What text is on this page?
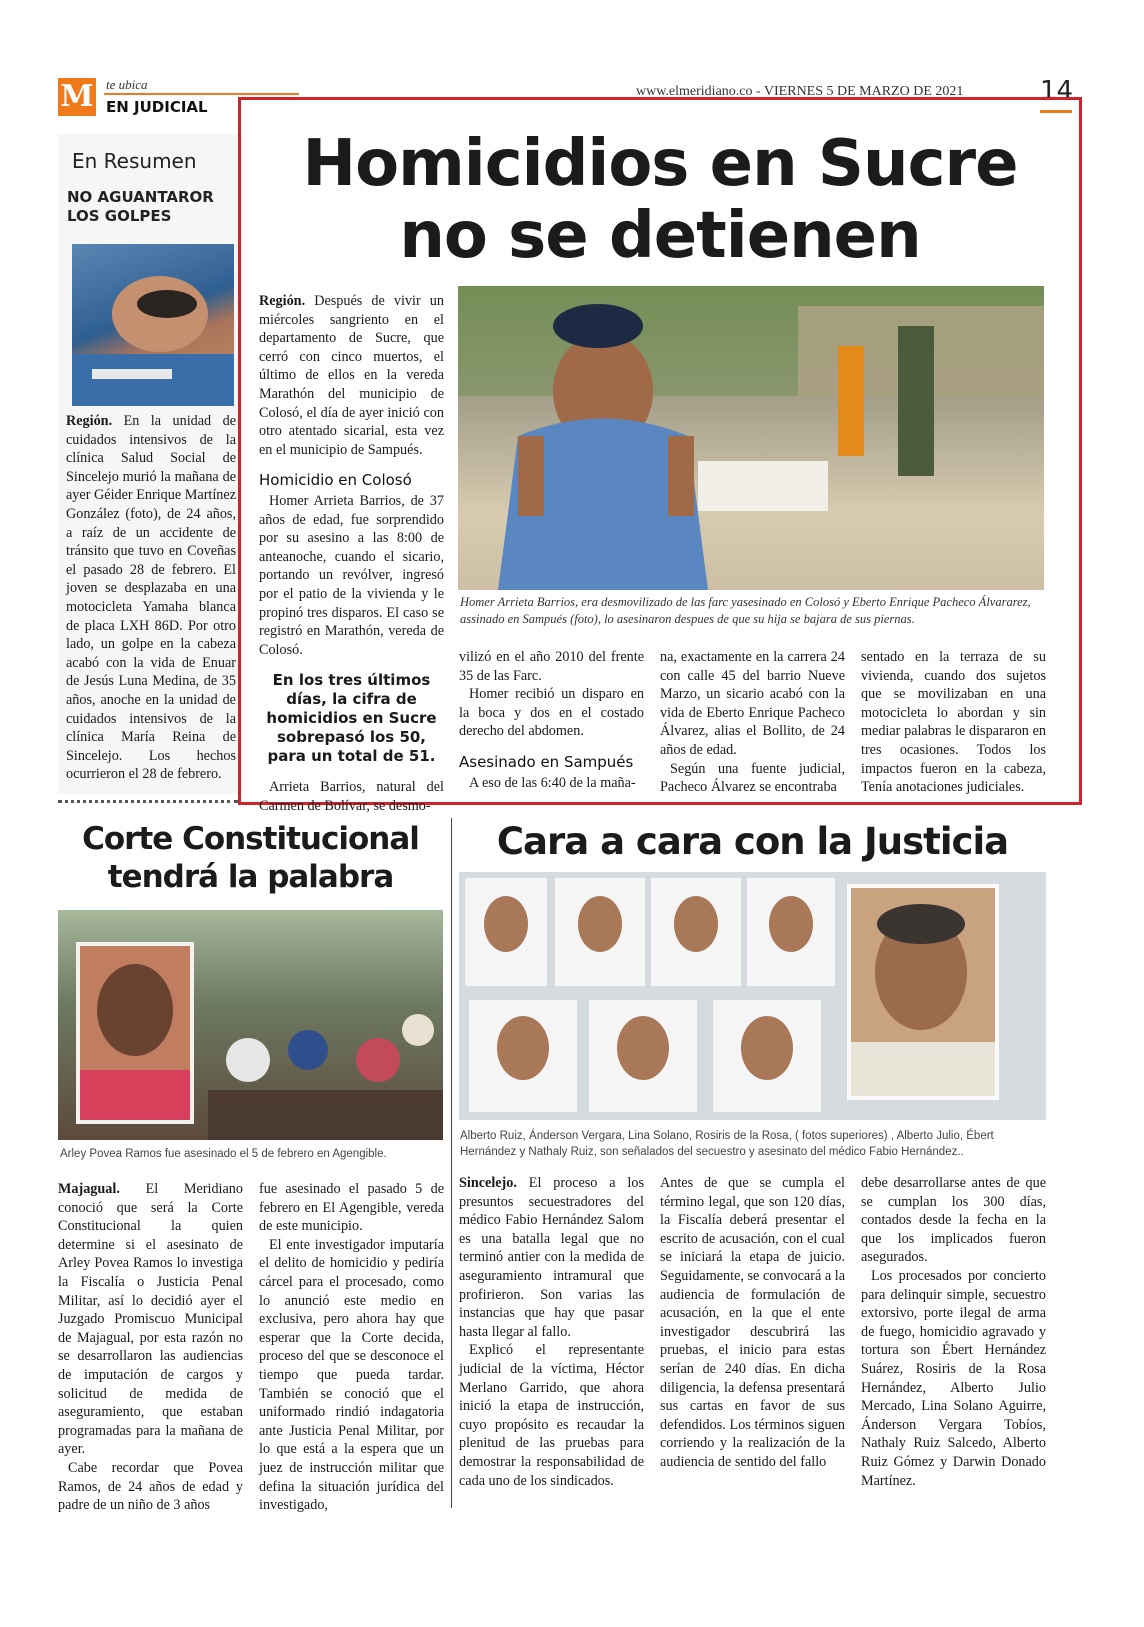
M te ubica
EN JUDICIAL
www.elmeridiano.co - VIERNES 5 DE MARZO DE 2021	14
En Resumen
NO AGUANTAROR LOS GOLPES

Región. En la unidad de cuidados intensivos de la clínica Salud Social de Sincelejo murió la mañana de ayer Géider Enrique Martínez González (foto), de 24 años, a raíz de un accidente de tránsito que tuvo en Coveñas el pasado 28 de febrero. El joven se desplazaba en una motocicleta Yamaha blanca de placa LXH 86D. Por otro lado, un golpe en la cabeza acabó con la vida de Enuar de Jesús Luna Medina, de 35 años, anoche en la unidad de cuidados intensivos de la clínica María Reina de Sincelejo. Los hechos ocurrieron el 28 de febrero.

Homicidios en Sucre
no se detienen

Región. Después de vivir un miércoles sangriento en el departamento de Sucre, que cerró con cinco muertos, el último de ellos en la vereda Marathón del municipio de Colosó, el día de ayer inició con otro atentado sicarial, esta vez en el municipio de Sampués.

Homicidio en Colosó

Homer Arrieta Barrios, de 37 años de edad, fue sorprendido por su asesino a las 8:00 de anteanoche, cuando el sicario, portando un revólver, ingresó por el patio de la vivienda y le propinó tres disparos. El caso se registró en Marathón, vereda de Colosó.

En los tres últimos días, la cifra de homicidios en Sucre sobrepasó los 50, para un total de 51.

Arrieta Barrios, natural del Carmen de Bolívar, se desmo-

Homer Arrieta Barrios, era desmovilizado de las farc yasesinado en Colosó y Eberto Enrique Pacheco Álvararez, assinado en Sampués (foto), lo asesinaron despues de que su hija se bajara de sus piernas.

vilizó en el año 2010 del frente 35 de las Farc.

Homer recibió un disparo en la boca y dos en el costado derecho del abdomen.

Asesinado en Sampués

A eso de las 6:40 de la maña-

na, exactamente en la carrera 24 con calle 45 del barrio Nueve Marzo, un sicario acabó con la vida de Eberto Enrique Pacheco Álvarez, alias el Bollito, de 24 años de edad.

Según una fuente judicial, Pacheco Álvarez se encontraba

sentado en la terraza de su vivienda, cuando dos sujetos que se movilizaban en una motocicleta lo abordan y sin mediar palabras le dispararon en tres ocasiones. Todos los impactos fueron en la cabeza, Tenía anotaciones judiciales.

Corte Constitucional
tendrá la palabra
Arley Povea Ramos fue asesinado el 5 de febrero en Agengible.

Majagual. El Meridiano conoció que será la Corte Constitucional la quien determine si el asesinato de Arley Povea Ramos lo investiga la Fiscalía o Justicia Penal Militar, así lo decidió ayer el Juzgado Promiscuo Municipal de Majagual, por esta razón no se desarrollaron las audiencias de imputación de cargos y solicitud de medida de aseguramiento, que estaban programadas para la mañana de ayer.

Cabe recordar que Povea Ramos, de 24 años de edad y padre de un niño de 3 años

fue asesinado el pasado 5 de febrero en El Agengible, vereda de este municipio.

El ente investigador imputaría el delito de homicidio y pediría cárcel para el procesado, como lo anunció este medio en exclusiva, pero ahora hay que esperar que la Corte decida, proceso del que se desconoce el tiempo que pueda tardar. También se conoció que el uniformado rindió indagatoria ante Justicia Penal Militar, por lo que está a la espera que un juez de instrucción militar que defina la situación jurídica del investigado,

Cara a cara con la Justicia
Alberto Ruiz, Ánderson Vergara, Lina Solano, Rosiris de la Rosa, ( fotos superiores) , Alberto Julio, Ébert Hernández y Nathaly Ruiz, son señalados del secuestro y asesinato del médico Fabio Hernández..

Sincelejo. El proceso a los presuntos secuestradores del médico Fabio Hernández Salom es una batalla legal que no terminó antier con la medida de aseguramiento intramural que profirieron. Son varias las instancias que hay que pasar hasta llegar al fallo.

Explicó el representante judicial de la víctima, Héctor Merlano Garrido, que ahora inició la etapa de instrucción, cuyo propósito es recaudar la plenitud de las pruebas para demostrar la responsabilidad de cada uno de los sindicados.

Antes de que se cumpla el término legal, que son 120 días, la Fiscalía deberá presentar el escrito de acusación, con el cual se iniciará la etapa de juicio. Seguidamente, se convocará a la audiencia de formulación de acusación, en la que el ente investigador descubrirá las pruebas, el inicio para estas serían de 240 días. En dicha diligencia, la defensa presentará sus cartas en favor de sus defendidos. Los términos siguen corriendo y la realización de la audiencia de sentido del fallo

debe desarrollarse antes de que se cumplan los 300 días, contados desde la fecha en la que los implicados fueron asegurados.

Los procesados por concierto para delinquir simple, secuestro extorsivo, porte ilegal de arma de fuego, homicidio agravado y tortura son Ébert Hernández Suárez, Rosiris de la Rosa Hernández, Alberto Julio Mercado, Lina Solano Aguirre, Ánderson Vergara Tobíos, Nathaly Ruiz Salcedo, Alberto Ruiz Gómez y Darwin Donado Martínez.
